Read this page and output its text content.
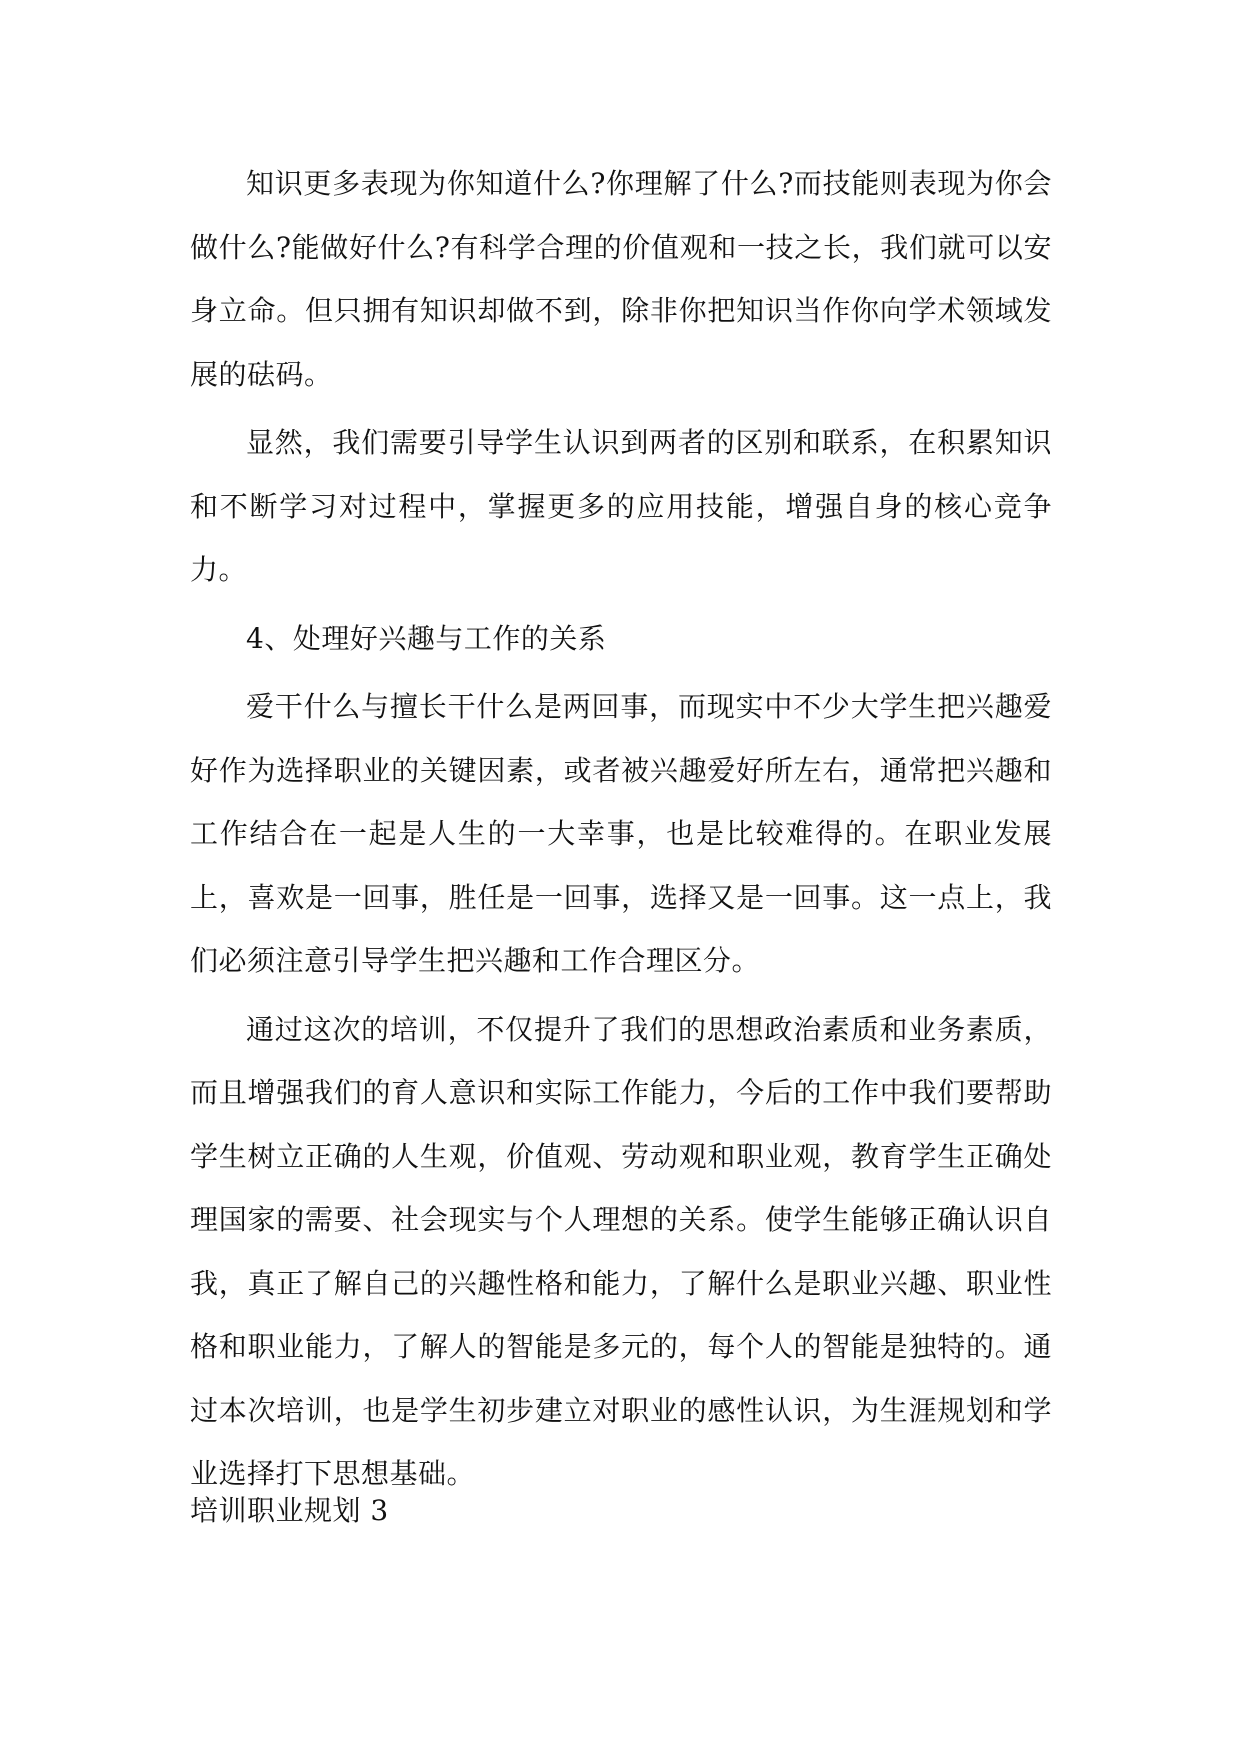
知识更多表现为你知道什么?你理解了什么?而技能则表现为你会做什么?能做好什么?有科学合理的价值观和一技之长，我们就可以安身立命。但只拥有知识却做不到，除非你把知识当作你向学术领域发展的砝码。

显然，我们需要引导学生认识到两者的区别和联系，在积累知识和不断学习对过程中，掌握更多的应用技能，增强自身的核心竞争力。

4、处理好兴趣与工作的关系

爱干什么与擅长干什么是两回事，而现实中不少大学生把兴趣爱好作为选择职业的关键因素，或者被兴趣爱好所左右，通常把兴趣和工作结合在一起是人生的一大幸事，也是比较难得的。在职业发展上，喜欢是一回事，胜任是一回事，选择又是一回事。这一点上，我们必须注意引导学生把兴趣和工作合理区分。

通过这次的培训，不仅提升了我们的思想政治素质和业务素质，而且增强我们的育人意识和实际工作能力，今后的工作中我们要帮助学生树立正确的人生观，价值观、劳动观和职业观，教育学生正确处理国家的需要、社会现实与个人理想的关系。使学生能够正确认识自我，真正了解自己的兴趣性格和能力，了解什么是职业兴趣、职业性格和职业能力，了解人的智能是多元的，每个人的智能是独特的。通过本次培训，也是学生初步建立对职业的感性认识，为生涯规划和学业选择打下思想基础。

培训职业规划 3
